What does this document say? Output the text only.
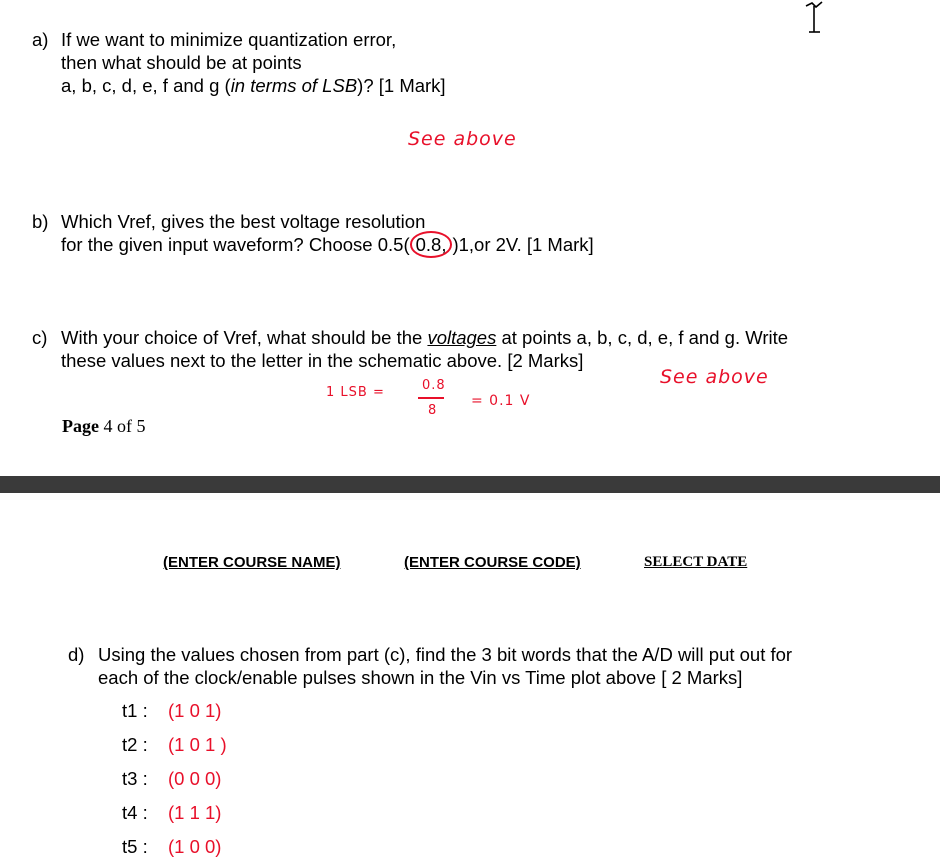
a) If we want to minimize quantization error,
then what should be at points
a, b, c, d, e, f and g (in terms of LSB)? [1 Mark]
See above
b) Which Vref, gives the best voltage resolution
for the given input waveform? Choose 0.5( 0.8, )1,or 2V. [1 Mark]
c) With your choice of Vref, what should be the voltages at points a, b, c, d, e, f and g. Write
these values next to the letter in the schematic above. [2 Marks]
See above
1 LSB =	0.8
8
= 0.1 V
Page 4 of 5
(ENTER COURSE NAME)	(ENTER COURSE CODE)	SELECT DATE
d) Using the values chosen from part (c), find the 3 bit words that the A/D will put out for
each of the clock/enable pulses shown in the Vin vs Time plot above [ 2 Marks]
t1 : (1 0 1)
t2 : (1 0 1 )
t3 : (0 0 0)
t4 : (1 1 1)
t5 : (1 0 0)
